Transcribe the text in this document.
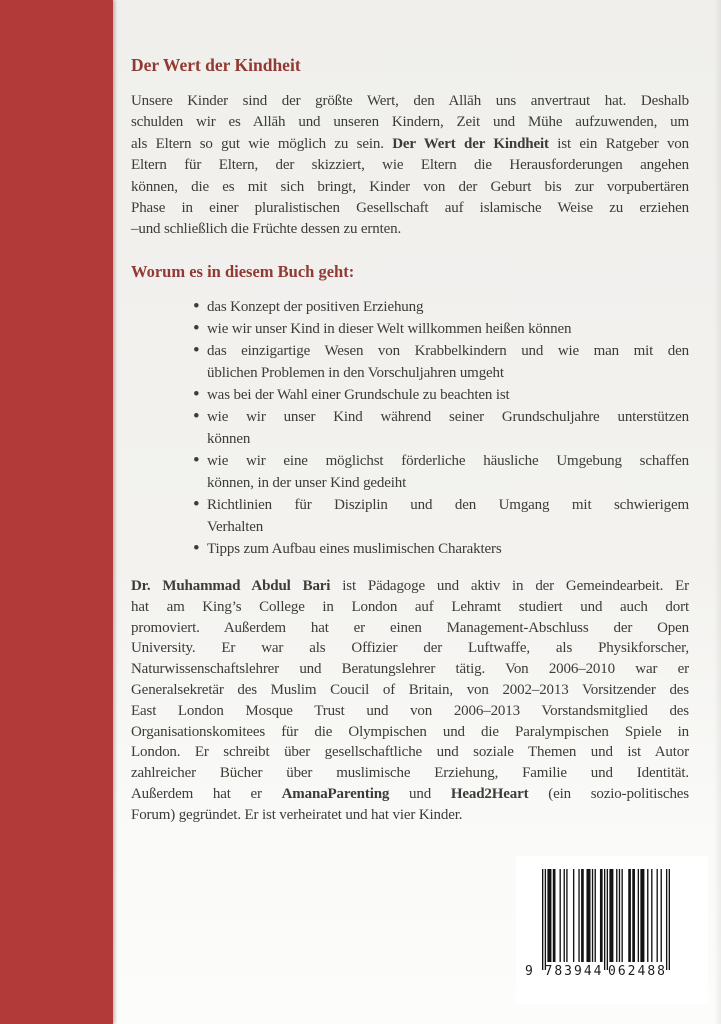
Der Wert der Kindheit
Unsere Kinder sind der größte Wert, den Allāh uns anvertraut hat. Deshalb
schulden wir es Allāh und unseren Kindern, Zeit und Mühe aufzuwenden, um
als Eltern so gut wie möglich zu sein. Der Wert der Kindheit ist ein Ratgeber von
Eltern für Eltern, der skizziert, wie Eltern die Herausforderungen angehen
können, die es mit sich bringt, Kinder von der Geburt bis zur vorpubertären
Phase in einer pluralistischen Gesellschaft auf islamische Weise zu erziehen
–und schließlich die Früchte dessen zu ernten.
Worum es in diesem Buch geht:
• das Konzept der positiven Erziehung
• wie wir unser Kind in dieser Welt willkommen heißen können
• das einzigartige Wesen von Krabbelkindern und wie man mit den
üblichen Problemen in den Vorschuljahren umgeht
• was bei der Wahl einer Grundschule zu beachten ist
• wie wir unser Kind während seiner Grundschuljahre unterstützen
können
• wie wir eine möglichst förderliche häusliche Umgebung schaffen
können, in der unser Kind gedeiht
• Richtlinien für Disziplin und den Umgang mit schwierigem
Verhalten
• Tipps zum Aufbau eines muslimischen Charakters
Dr. Muhammad Abdul Bari ist Pädagoge und aktiv in der Gemeindearbeit. Er
hat am King’s College in London auf Lehramt studiert und auch dort
promoviert. Außerdem hat er einen Management-Abschluss der Open
University. Er war als Offizier der Luftwaffe, als Physikforscher,
Naturwissenschaftslehrer und Beratungslehrer tätig. Von 2006–2010 war er
Generalsekretär des Muslim Coucil of Britain, von 2002–2013 Vorsitzender des
East London Mosque Trust und von 2006–2013 Vorstandsmitglied des
Organisationskomitees für die Olympischen und die Paralympischen Spiele in
London. Er schreibt über gesellschaftliche und soziale Themen und ist Autor
zahlreicher Bücher über muslimische Erziehung, Familie und Identität.
Außerdem hat er AmanaParenting und Head2Heart (ein sozio-politisches
Forum) gegründet. Er ist verheiratet und hat vier Kinder.
9 783944 062488
